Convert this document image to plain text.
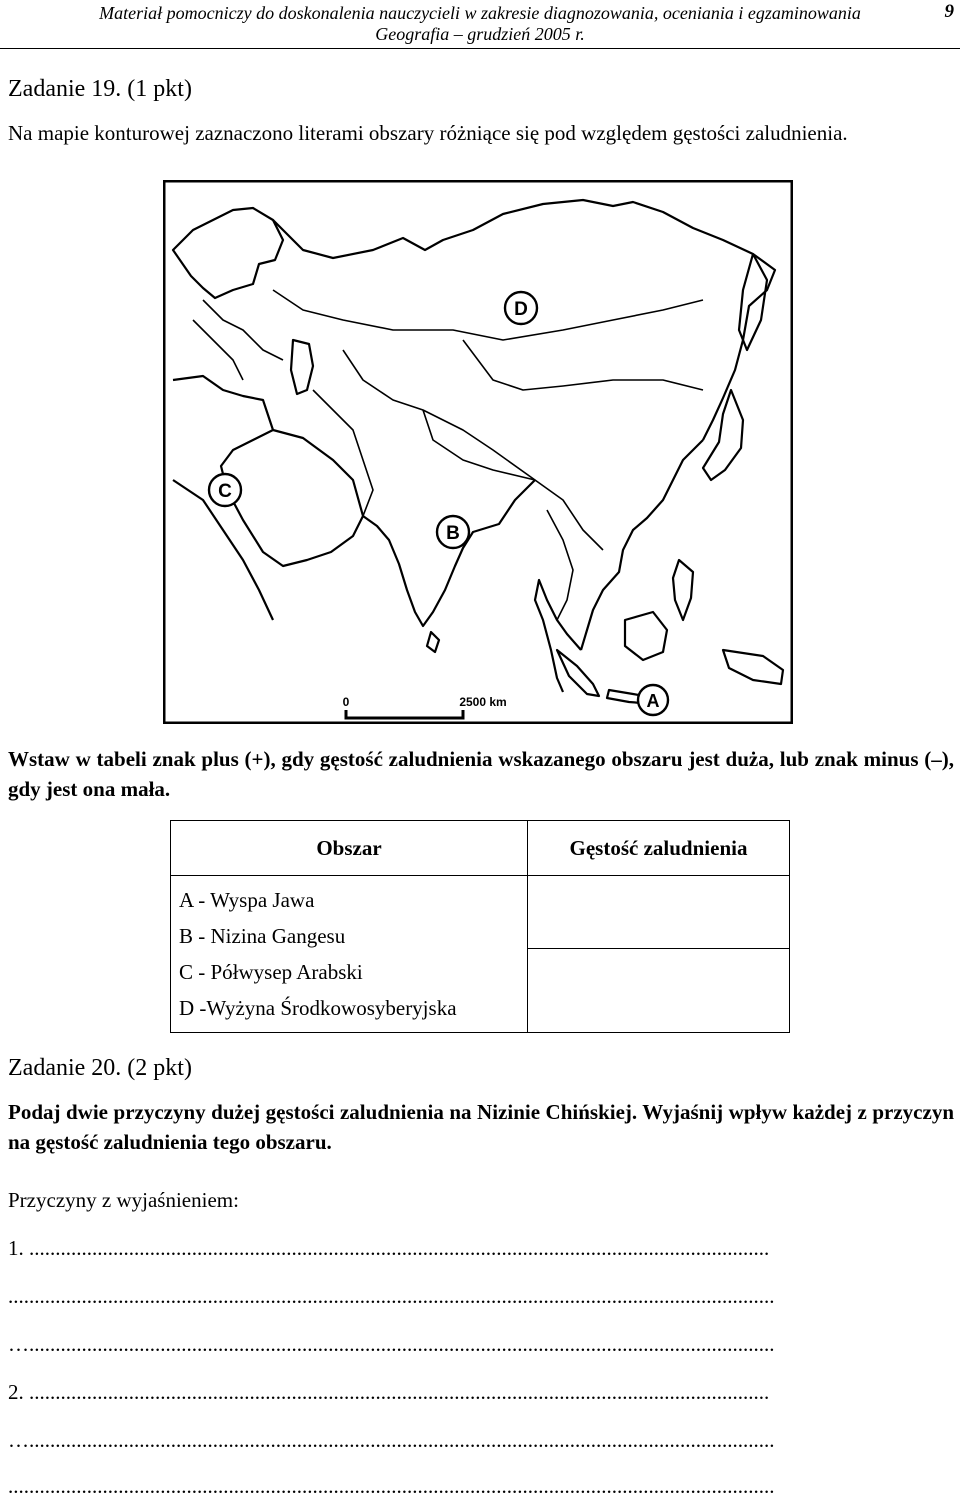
Materiał pomocniczy do doskonalenia nauczycieli w zakresie diagnozowania, oceniania i egzaminowania
Geografia – grudzień 2005 r.
9
Zadanie 19. (1 pkt)
Na mapie konturowej zaznaczono literami obszary różniące się pod względem gęstości zaludnienia.
D
C
B
A
0	2500 km
Wstaw w tabeli znak plus (+), gdy gęstość zaludnienia wskazanego obszaru jest duża, lub znak minus (–), gdy jest ona mała.
Obszar	Gęstość zaludnienia

A - Wyspa Jawa
B - Nizina Gangesu
C - Półwysep Arabski
D -Wyżyna Środkowosyberyjska	

Zadanie 20. (2 pkt)
Podaj dwie przyczyny dużej gęstości zaludnienia na Nizinie Chińskiej. Wyjaśnij wpływ każdej z przyczyn na gęstość zaludnienia tego obszaru.
Przyczyny z wyjaśnieniem:
1. .............................................................................................................................................
..................................................................................................................................................
…..............................................................................................................................................
2. .............................................................................................................................................
…..............................................................................................................................................
..................................................................................................................................................
